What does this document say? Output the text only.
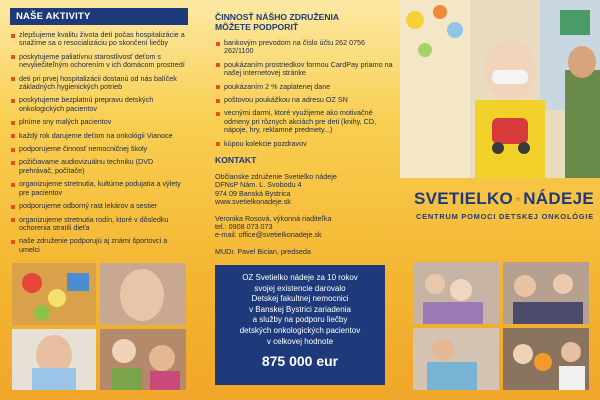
NAŠE AKTIVITY
zlepšujeme kvalitu života detí počas hospitalizácie a snažíme sa o resocializáciu po skončení liečby
poskytujeme paliatívnu starostlivosť deťom s nevyliečiteľným ochorením v ich domácom prostredí
deti pri prvej hospitalizácii dostanú od nás balíček základných hygienických potrieb
poskytujeme bezplatnú prepravu detských onkologických pacientov
plníme sny malých pacientov
každý rok darujeme deťom na onkológii Vianoce
podporujeme činnosť nemocničnej školy
požičiavame audiovizuálnu techniku (DVD prehrávač, počítače)
organizujeme stretnutia, kultúrne podujatia a výlety pre pacientov
podporujeme odborný rast lekárov a sestier
organizujeme stretnutia rodín, ktoré v dôsledku ochorenia stratili dieťa
naše združenie podporujú aj známi športovci a umelci
ČINNOSŤ NÁŠHO ZDRUŽENIA
MÔŽETE PODPORIŤ
bankovým prevodom na číslo účtu 262 0756 262/1100
poukázaním prostriedkov formou CardPay priamo na našej internetovej stránke
poukázaním 2 % zaplatenej dane
poštovou poukážkou na adresu OZ SN
vecnými darmi, ktoré využijeme ako motivačné odmeny pri rôznych akciách pre deti (knihy, CD, nápoje, hry, reklamné predmety...)
kúpou kolekcie pozdravov
KONTAKT

Občianske združenie Svetielko nádeje

DFNsP Nám. L. Svobodu 4

974 09 Banská Bystrica

www.svetielkonadeje.sk

Veronika Rosová, výkonná riaditeľka

tel.: 0908 073 073

e-mail: office@svetielkonadeje.sk

MUDr. Pavel Bician, predseda

OZ Svetielko nádeje za 10 rokov
svojej existencie darovalo
Detskej fakultnej nemocnici
v Banskej Bystrici zariadenia
a služby na podporu liečby
detských onkologických pacientov
v celkovej hodnote
875 000 eur
SVETIELKO NÁDEJE
CENTRUM POMOCI DETSKEJ ONKOLÓGIE
